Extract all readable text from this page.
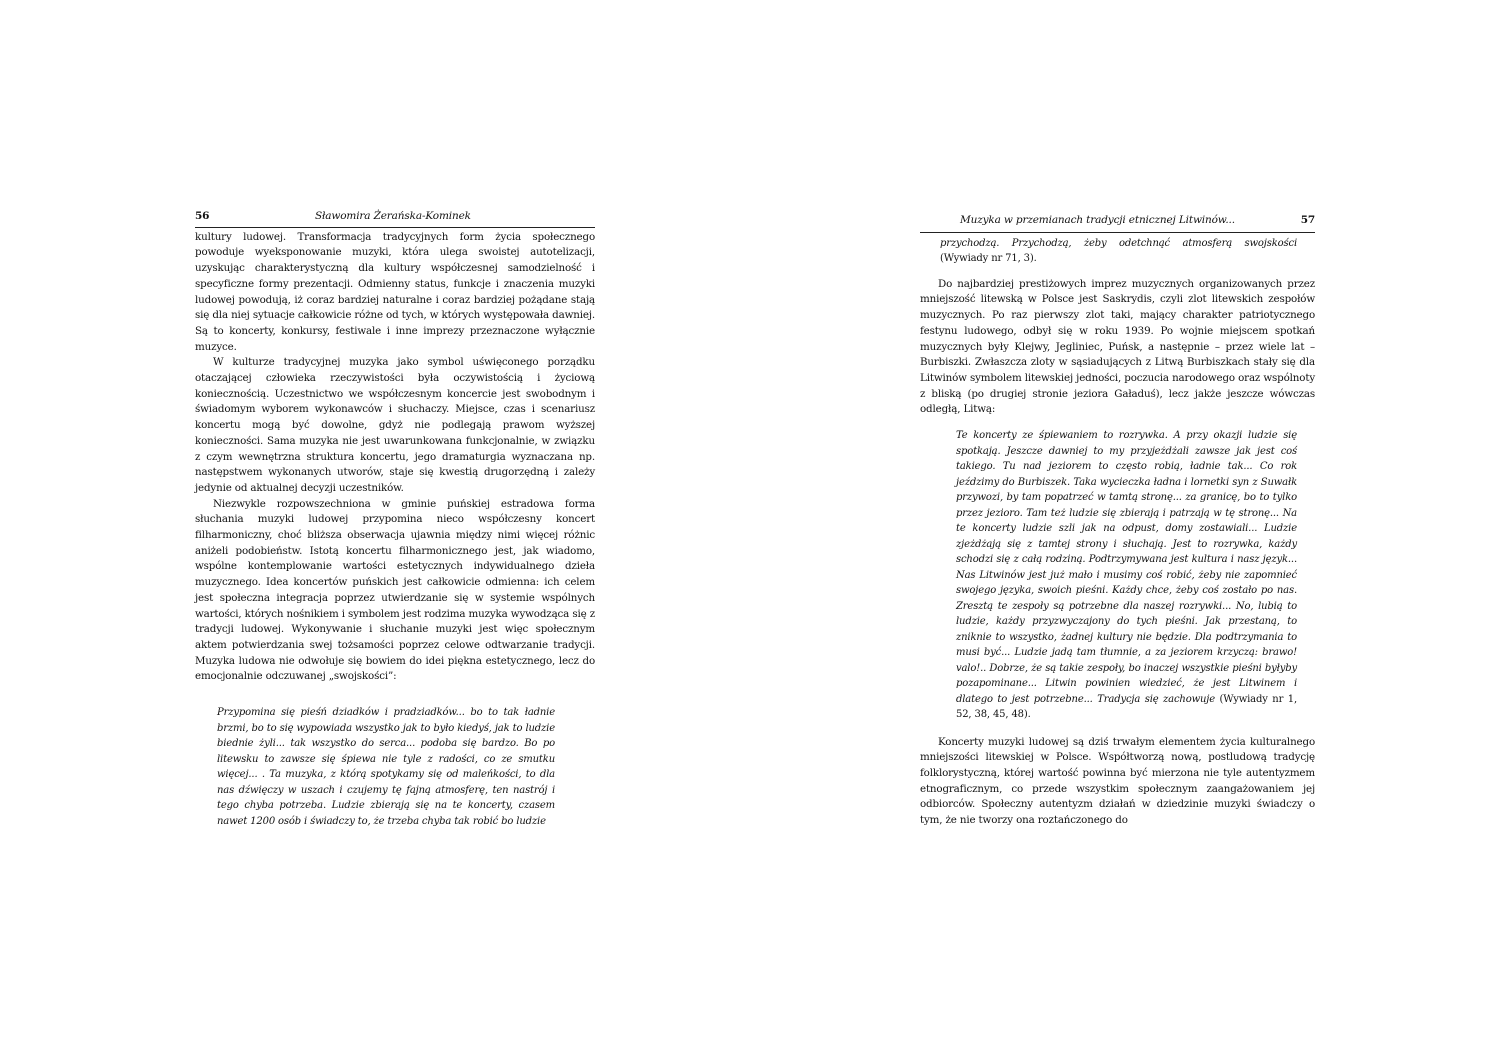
56	Sławomira Żerańska-Kominek

kultury ludowej. Transformacja tradycyjnych form życia społecznego powoduje wyeksponowanie muzyki, która ulega swoistej autotelizacji, uzyskując charakterystyczną dla kultury współczesnej samodzielność i specyficzne formy prezentacji. Odmienny status, funkcje i znaczenia muzyki ludowej powodują, iż coraz bardziej naturalne i coraz bardziej pożądane stają się dla niej sytuacje całkowicie różne od tych, w których występowała dawniej. Są to koncerty, konkursy, festiwale i inne imprezy przeznaczone wyłącznie muzyce.

W kulturze tradycyjnej muzyka jako symbol uświęconego porządku otaczającej człowieka rzeczywistości była oczywistością i życiową koniecznością. Uczestnictwo we współczesnym koncercie jest swobodnym i świadomym wyborem wykonawców i słuchaczy. Miejsce, czas i scenariusz koncertu mogą być dowolne, gdyż nie podlegają prawom wyższej konieczności. Sama muzyka nie jest uwarunkowana funkcjonalnie, w związku z czym wewnętrzna struktura koncertu, jego dramaturgia wyznaczana np. następstwem wykonanych utworów, staje się kwestią drugorzędną i zależy jedynie od aktualnej decyzji uczestników.

Niezwykle rozpowszechniona w gminie puńskiej estradowa forma słuchania muzyki ludowej przypomina nieco współczesny koncert filharmoniczny, choć bliższa obserwacja ujawnia między nimi więcej różnic aniżeli podobieństw. Istotą koncertu filharmonicznego jest, jak wiadomo, wspólne kontemplowanie wartości estetycznych indywidualnego dzieła muzycznego. Idea koncertów puńskich jest całkowicie odmienna: ich celem jest społeczna integracja poprzez utwierdzanie się w systemie wspólnych wartości, których nośnikiem i symbolem jest rodzima muzyka wywodząca się z tradycji ludowej. Wykonywanie i słuchanie muzyki jest więc społecznym aktem potwierdzania swej tożsamości poprzez celowe odtwarzanie tradycji. Muzyka ludowa nie odwołuje się bowiem do idei piękna estetycznego, lecz do emocjonalnie odczuwanej „swojskości”:

Przypomina się pieśń dziadków i pradziadków... bo to tak ładnie brzmi, bo to się wypowiada wszystko jak to było kiedyś, jak to ludzie biednie żyli... tak wszystko do serca... podoba się bardzo. Bo po litewsku to zawsze się śpiewa nie tyle z radości, co ze smutku więcej... . Ta muzyka, z którą spotykamy się od maleńkości, to dla nas dźwięczy w uszach i czujemy tę fajną atmosferę, ten nastrój i tego chyba potrzeba. Ludzie zbierają się na te koncerty, czasem nawet 1200 osób i świadczy to, że trzeba chyba tak robić bo ludzie
Muzyka w przemianach tradycji etnicznej Litwinów...	57
przychodzą. Przychodzą, żeby odetchnąć atmosferą swojskości (Wywiady nr 71, 3).

Do najbardziej prestiżowych imprez muzycznych organizowanych przez mniejszość litewską w Polsce jest Saskrydis, czyli zlot litewskich zespołów muzycznych. Po raz pierwszy zlot taki, mający charakter patriotycznego festynu ludowego, odbył się w roku 1939. Po wojnie miejscem spotkań muzycznych były Klejwy, Jegliniec, Puńsk, a następnie – przez wiele lat – Burbiszki. Zwłaszcza zloty w sąsiadujących z Litwą Burbiszkach stały się dla Litwinów symbolem litewskiej jedności, poczucia narodowego oraz wspólnoty z bliską (po drugiej stronie jeziora Gaładuś), lecz jakże jeszcze wówczas odległą, Litwą:

Te koncerty ze śpiewaniem to rozrywka. A przy okazji ludzie się spotkają. Jeszcze dawniej to my przyjeżdżali zawsze jak jest coś takiego. Tu nad jeziorem to często robią, ładnie tak... Co rok jeździmy do Burbiszek. Taka wycieczka ładna i lornetki syn z Suwałk przywozi, by tam popatrzeć w tamtą stronę... za granicę, bo to tylko przez jezioro. Tam też ludzie się zbierają i patrzają w tę stronę... Na te koncerty ludzie szli jak na odpust, domy zostawiali... Ludzie zjeżdżają się z tamtej strony i słuchają. Jest to rozrywka, każdy schodzi się z całą rodziną. Podtrzymywana jest kultura i nasz język... Nas Litwinów jest już mało i musimy coś robić, żeby nie zapomnieć swojego języka, swoich pieśni. Każdy chce, żeby coś zostało po nas. Zresztą te zespoły są potrzebne dla naszej rozrywki... No, lubią to ludzie, każdy przyzwyczajony do tych pieśni. Jak przestaną, to zniknie to wszystko, żadnej kultury nie będzie. Dla podtrzymania to musi być... Ludzie jadą tam tłumnie, a za jeziorem krzyczą: brawo! valo!.. Dobrze, że są takie zespoły, bo inaczej wszystkie pieśni byłyby pozapominane... Litwin powinien wiedzieć, że jest Litwinem i dlatego to jest potrzebne... Tradycja się zachowuje (Wywiady nr 1, 52, 38, 45, 48).

Koncerty muzyki ludowej są dziś trwałym elementem życia kulturalnego mniejszości litewskiej w Polsce. Współtworzą nową, postludową tradycję folklorystyczną, której wartość powinna być mierzona nie tyle autentyzmem etnograficznym, co przede wszystkim społecznym zaangażowaniem jej odbiorców. Społeczny autentyzm działań w dziedzinie muzyki świadczy o tym, że nie tworzy ona roztańczonego do
